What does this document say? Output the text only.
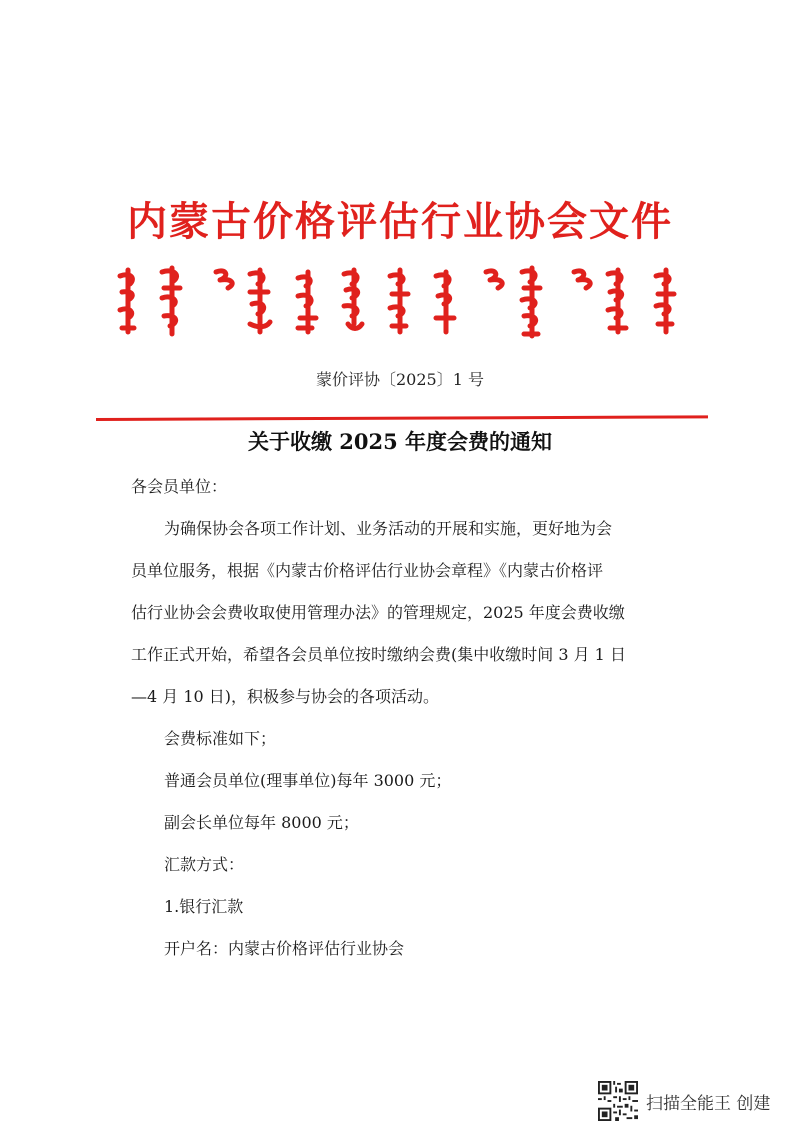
内蒙古价格评估行业协会文件
蒙价评协〔2025〕1 号
关于收缴 2025 年度会费的通知
各会员单位：
为确保协会各项工作计划、业务活动的开展和实施，更好地为会
员单位服务，根据《内蒙古价格评估行业协会章程》《内蒙古价格评
估行业协会会费收取使用管理办法》的管理规定，2025 年度会费收缴
工作正式开始，希望各会员单位按时缴纳会费(集中收缴时间 3 月 1 日
—4 月 10 日)，积极参与协会的各项活动。
会费标准如下；
普通会员单位(理事单位)每年 3000 元；
副会长单位每年 8000 元；
汇款方式：
1.银行汇款
开户名：内蒙古价格评估行业协会
扫描全能王 创建
